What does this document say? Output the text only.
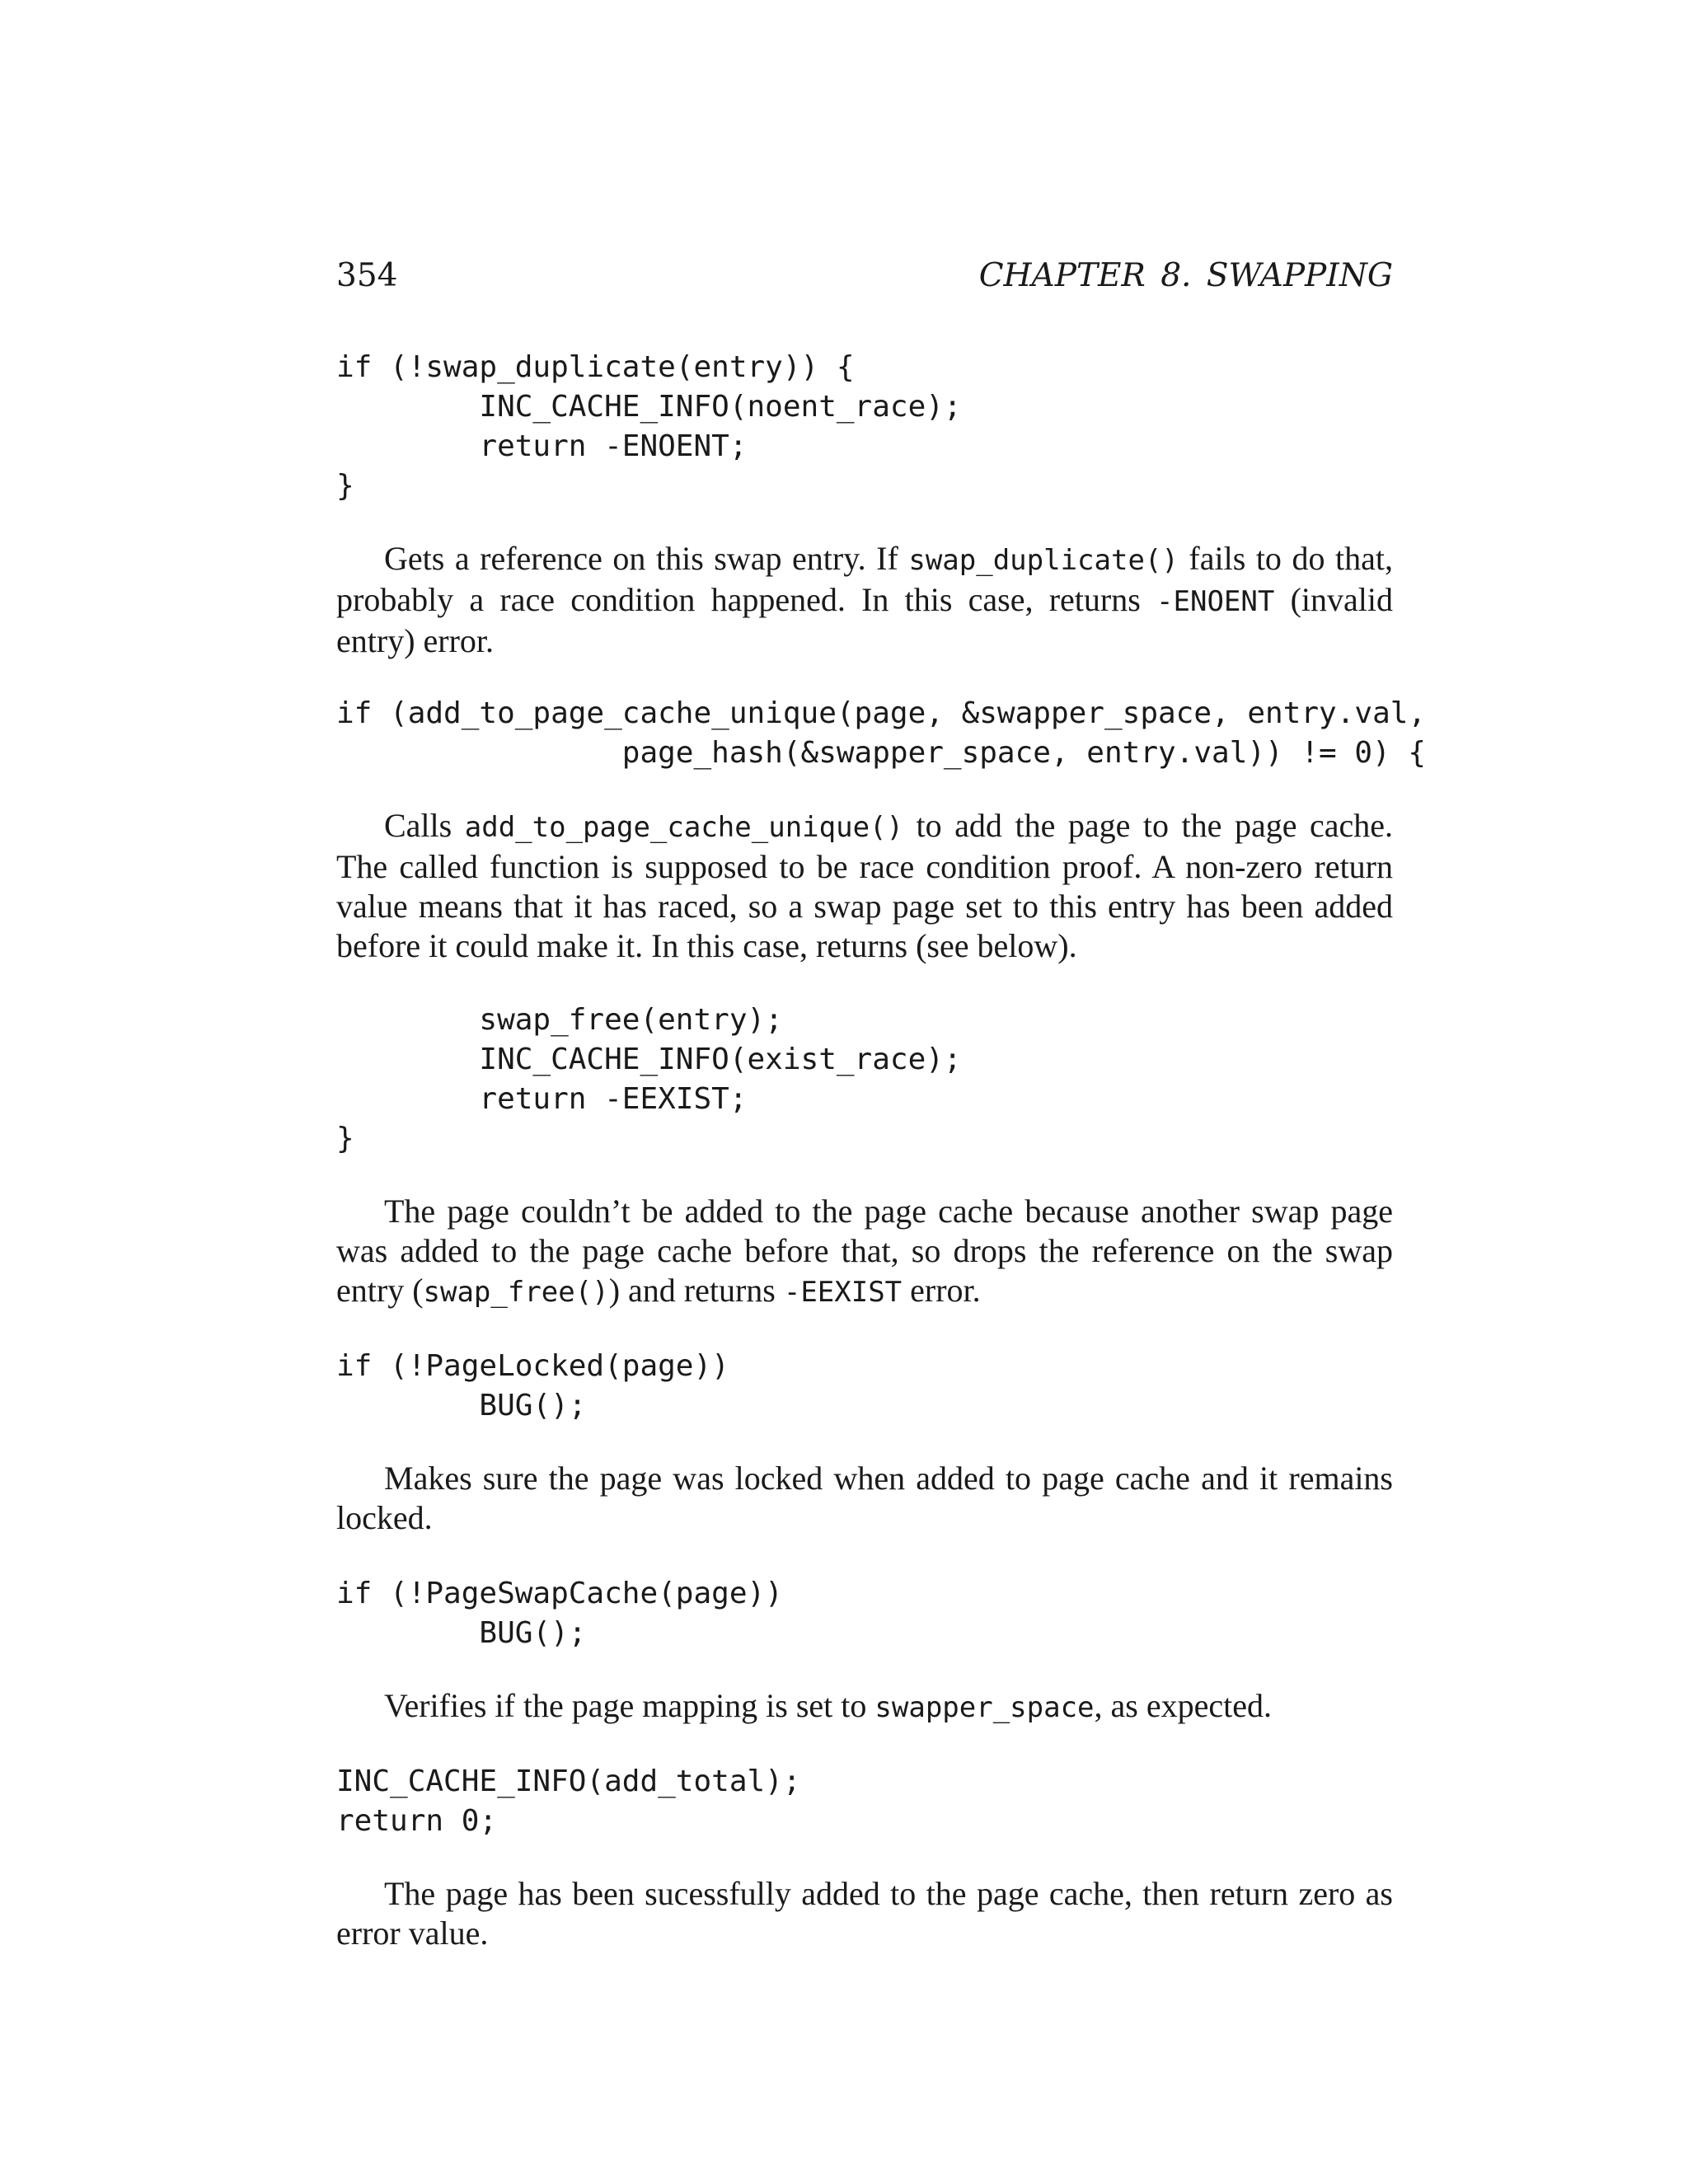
354	CHAPTER 8. SWAPPING
if (!swap_duplicate(entry)) {
INC_CACHE_INFO(noent_race);
return -ENOENT;
}

Gets a reference on this swap entry. If swap_duplicate() fails to do that, probably a race condition happened. In this case, returns -ENOENT (invalid entry) error.

if (add_to_page_cache_unique(page, &swapper_space, entry.val,
page_hash(&swapper_space, entry.val)) != 0) {

Calls add_to_page_cache_unique() to add the page to the page cache. The called function is supposed to be race condition proof. A non-zero return value means that it has raced, so a swap page set to this entry has been added before it could make it. In this case, returns (see below).

swap_free(entry);
INC_CACHE_INFO(exist_race);
return -EEXIST;
}

The page couldn’t be added to the page cache because another swap page was added to the page cache before that, so drops the reference on the swap entry (swap_free()) and returns -EEXIST error.

if (!PageLocked(page))
BUG();

Makes sure the page was locked when added to page cache and it remains locked.

if (!PageSwapCache(page))
BUG();

Verifies if the page mapping is set to swapper_space, as expected.

INC_CACHE_INFO(add_total);
return 0;

The page has been sucessfully added to the page cache, then return zero as error value.
